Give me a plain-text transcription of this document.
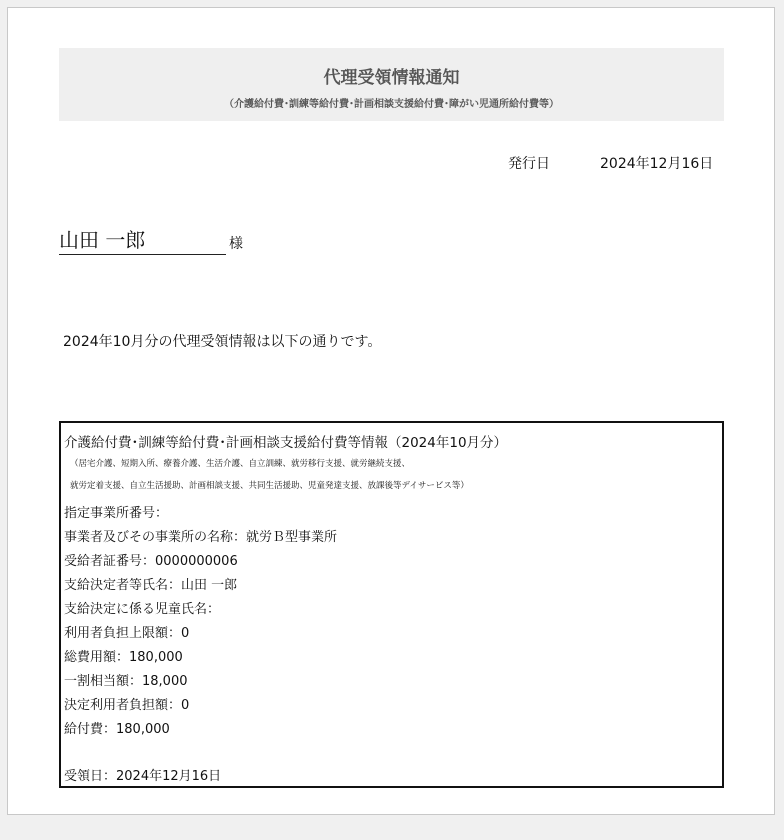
代理受領情報通知
（介護給付費･訓練等給付費･計画相談支援給付費･障がい児通所給付費等）
発行日	2024年12月16日
山田 一郎	様
2024年10月分の代理受領情報は以下の通りです。
介護給付費･訓練等給付費･計画相談支援給付費等情報（2024年10月分）
（居宅介護、短期入所、療養介護、生活介護、自立訓練、就労移行支援、就労継続支援、
就労定着支援、自立生活援助、計画相談支援、共同生活援助、児童発達支援、放課後等デイサービス等）
指定事業所番号：
事業者及びその事業所の名称：就労Ｂ型事業所
受給者証番号：0000000006
支給決定者等氏名：山田 一郎
支給決定に係る児童氏名：
利用者負担上限額：0
総費用額：180,000
一割相当額：18,000
決定利用者負担額：0
給付費：180,000
受領日：2024年12月16日
